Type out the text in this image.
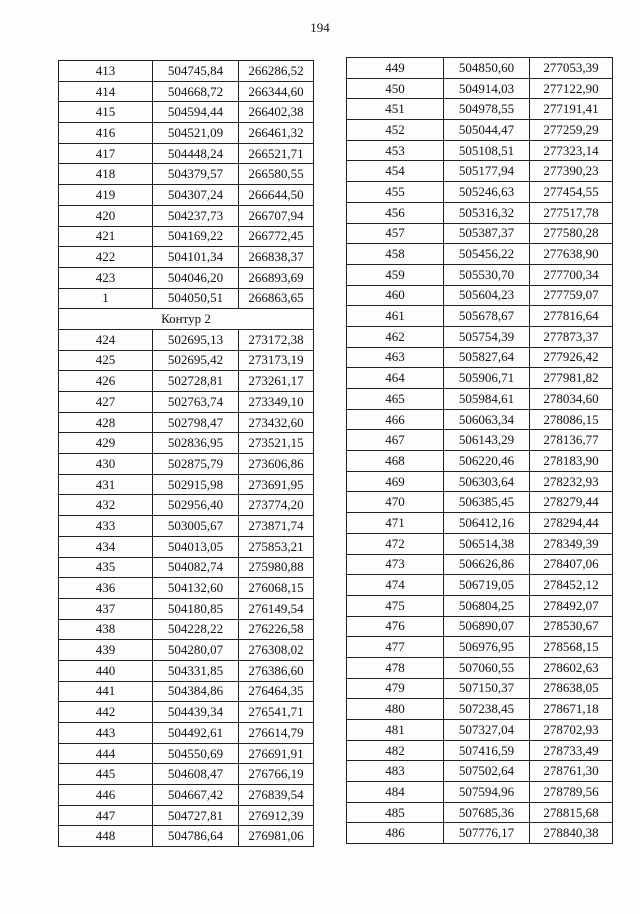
194
413	504745,84	266286,52
414	504668,72	266344,60
415	504594,44	266402,38
416	504521,09	266461,32
417	504448,24	266521,71
418	504379,57	266580,55
419	504307,24	266644,50
420	504237,73	266707,94
421	504169,22	266772,45
422	504101,34	266838,37
423	504046,20	266893,69
1	504050,51	266863,65
Контур 2		
424	502695,13	273172,38
425	502695,42	273173,19
426	502728,81	273261,17
427	502763,74	273349,10
428	502798,47	273432,60
429	502836,95	273521,15
430	502875,79	273606,86
431	502915,98	273691,95
432	502956,40	273774,20
433	503005,67	273871,74
434	504013,05	275853,21
435	504082,74	275980,88
436	504132,60	276068,15
437	504180,85	276149,54
438	504228,22	276226,58
439	504280,07	276308,02
440	504331,85	276386,60
441	504384,86	276464,35
442	504439,34	276541,71
443	504492,61	276614,79
444	504550,69	276691,91
445	504608,47	276766,19
446	504667,42	276839,54
447	504727,81	276912,39
448	504786,64	276981,06
449	504850,60	277053,39
450	504914,03	277122,90
451	504978,55	277191,41
452	505044,47	277259,29
453	505108,51	277323,14
454	505177,94	277390,23
455	505246,63	277454,55
456	505316,32	277517,78
457	505387,37	277580,28
458	505456,22	277638,90
459	505530,70	277700,34
460	505604,23	277759,07
461	505678,67	277816,64
462	505754,39	277873,37
463	505827,64	277926,42
464	505906,71	277981,82
465	505984,61	278034,60
466	506063,34	278086,15
467	506143,29	278136,77
468	506220,46	278183,90
469	506303,64	278232,93
470	506385,45	278279,44
471	506412,16	278294,44
472	506514,38	278349,39
473	506626,86	278407,06
474	506719,05	278452,12
475	506804,25	278492,07
476	506890,07	278530,67
477	506976,95	278568,15
478	507060,55	278602,63
479	507150,37	278638,05
480	507238,45	278671,18
481	507327,04	278702,93
482	507416,59	278733,49
483	507502,64	278761,30
484	507594,96	278789,56
485	507685,36	278815,68
486	507776,17	278840,38
